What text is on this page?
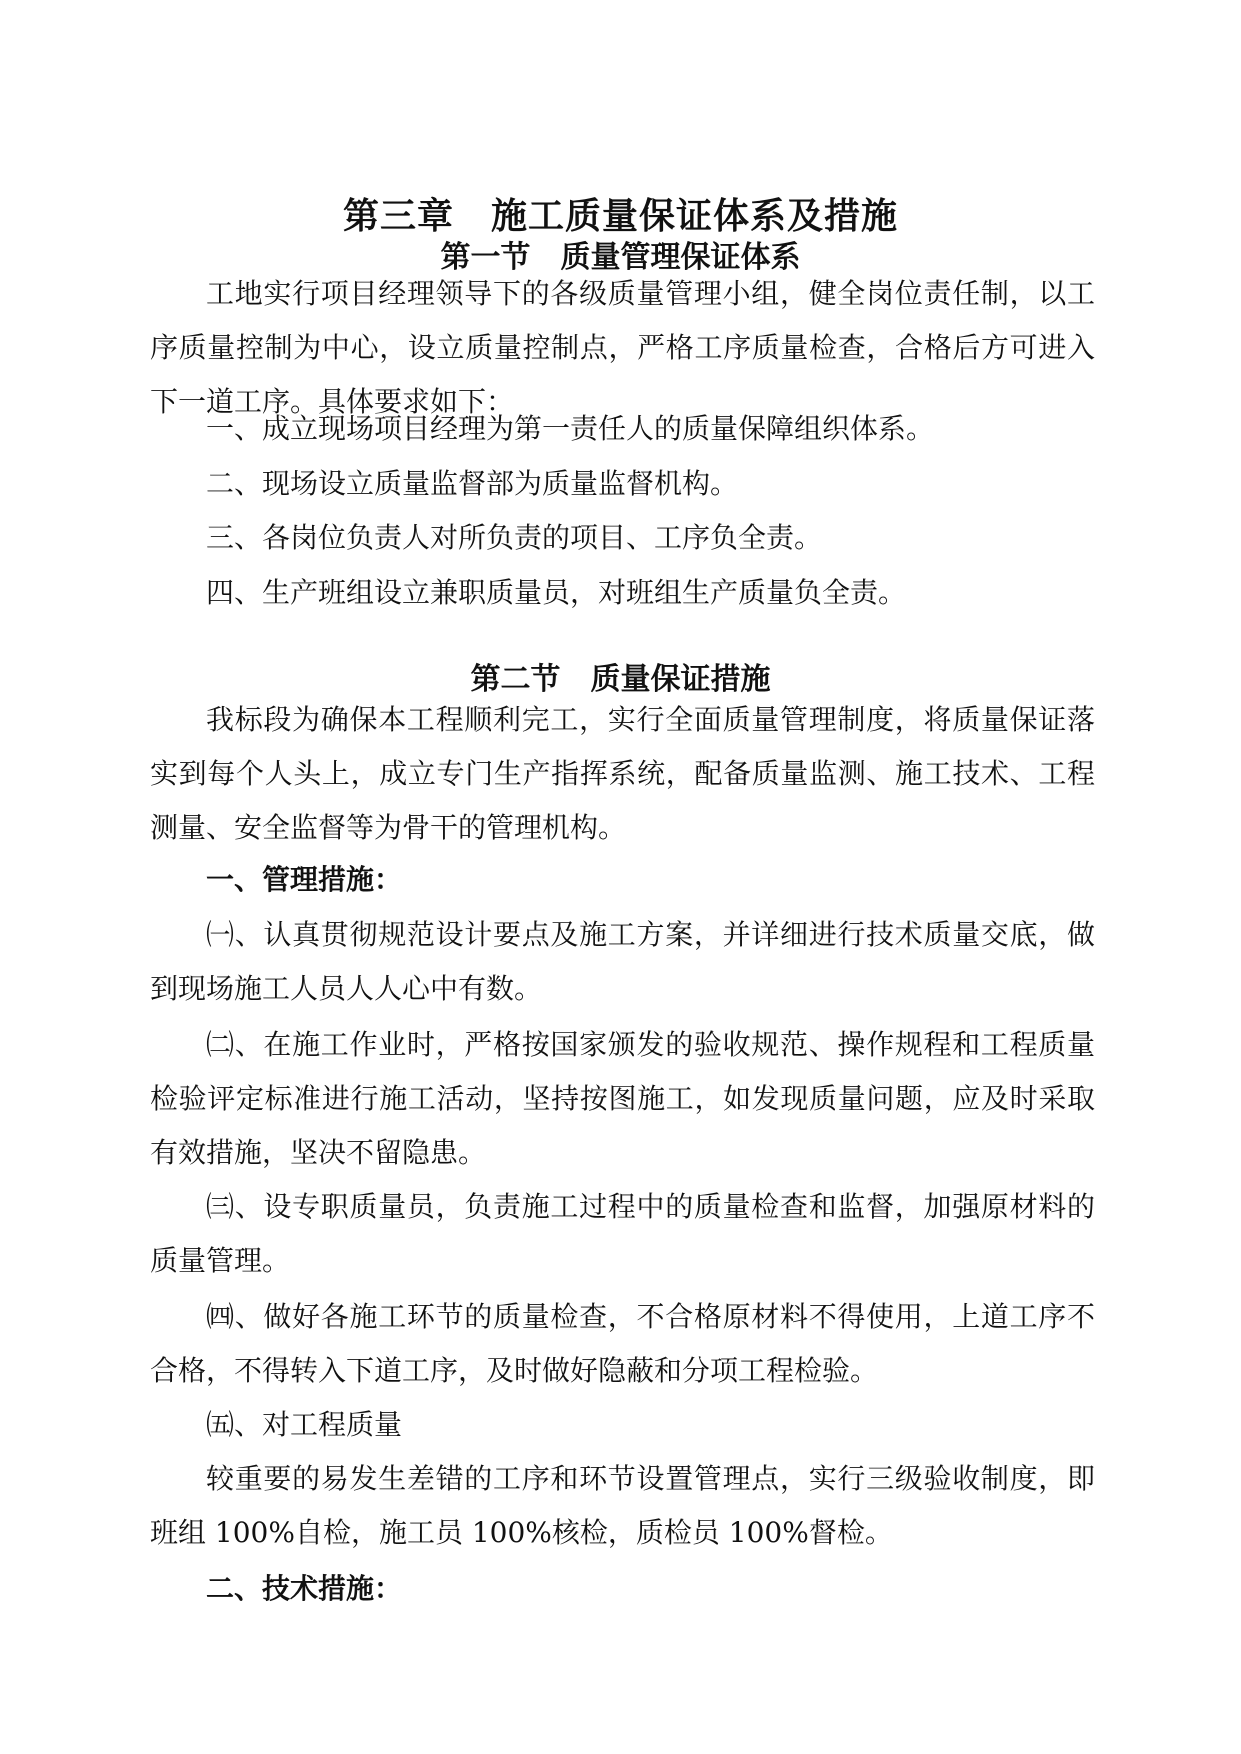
第三章　施工质量保证体系及措施
第一节　质量管理保证体系
工地实行项目经理领导下的各级质量管理小组，健全岗位责任制，以工序质量控制为中心，设立质量控制点，严格工序质量检查，合格后方可进入下一道工序。具体要求如下：
一、成立现场项目经理为第一责任人的质量保障组织体系。
二、现场设立质量监督部为质量监督机构。
三、各岗位负责人对所负责的项目、工序负全责。
四、生产班组设立兼职质量员，对班组生产质量负全责。
第二节　质量保证措施
我标段为确保本工程顺利完工，实行全面质量管理制度，将质量保证落实到每个人头上，成立专门生产指挥系统，配备质量监测、施工技术、工程测量、安全监督等为骨干的管理机构。
一、管理措施：
㈠、认真贯彻规范设计要点及施工方案，并详细进行技术质量交底，做到现场施工人员人人心中有数。
㈡、在施工作业时，严格按国家颁发的验收规范、操作规程和工程质量检验评定标准进行施工活动，坚持按图施工，如发现质量问题，应及时采取有效措施，坚决不留隐患。
㈢、设专职质量员，负责施工过程中的质量检查和监督，加强原材料的质量管理。
㈣、做好各施工环节的质量检查，不合格原材料不得使用，上道工序不合格，不得转入下道工序，及时做好隐蔽和分项工程检验。
㈤、对工程质量
较重要的易发生差错的工序和环节设置管理点，实行三级验收制度，即班组 100%自检，施工员 100%核检，质检员 100%督检。
二、技术措施：
